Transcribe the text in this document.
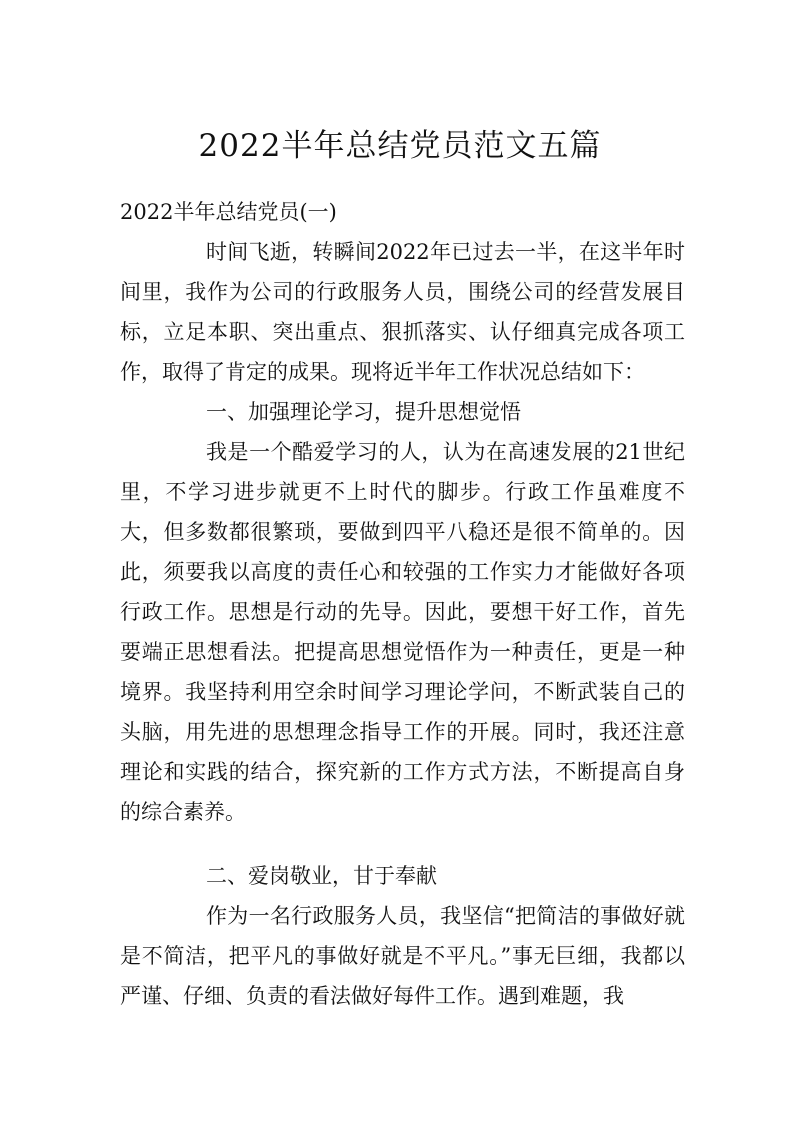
2022半年总结党员范文五篇

2022半年总结党员(一)

时间飞逝，转瞬间2022年已过去一半，在这半年时间里，我作为公司的行政服务人员，围绕公司的经营发展目标，立足本职、突出重点、狠抓落实、认仔细真完成各项工作，取得了肯定的成果。现将近半年工作状况总结如下：

一、加强理论学习，提升思想觉悟

我是一个酷爱学习的人，认为在高速发展的21世纪里，不学习进步就更不上时代的脚步。行政工作虽难度不大，但多数都很繁琐，要做到四平八稳还是很不简单的。因此，须要我以高度的责任心和较强的工作实力才能做好各项行政工作。思想是行动的先导。因此，要想干好工作，首先要端正思想看法。把提高思想觉悟作为一种责任，更是一种境界。我坚持利用空余时间学习理论学问，不断武装自己的头脑，用先进的思想理念指导工作的开展。同时，我还注意理论和实践的结合，探究新的工作方式方法，不断提高自身的综合素养。

二、爱岗敬业，甘于奉献

作为一名行政服务人员，我坚信“把简洁的事做好就是不简洁，把平凡的事做好就是不平凡。”事无巨细，我都以严谨、仔细、负责的看法做好每件工作。遇到难题，我
